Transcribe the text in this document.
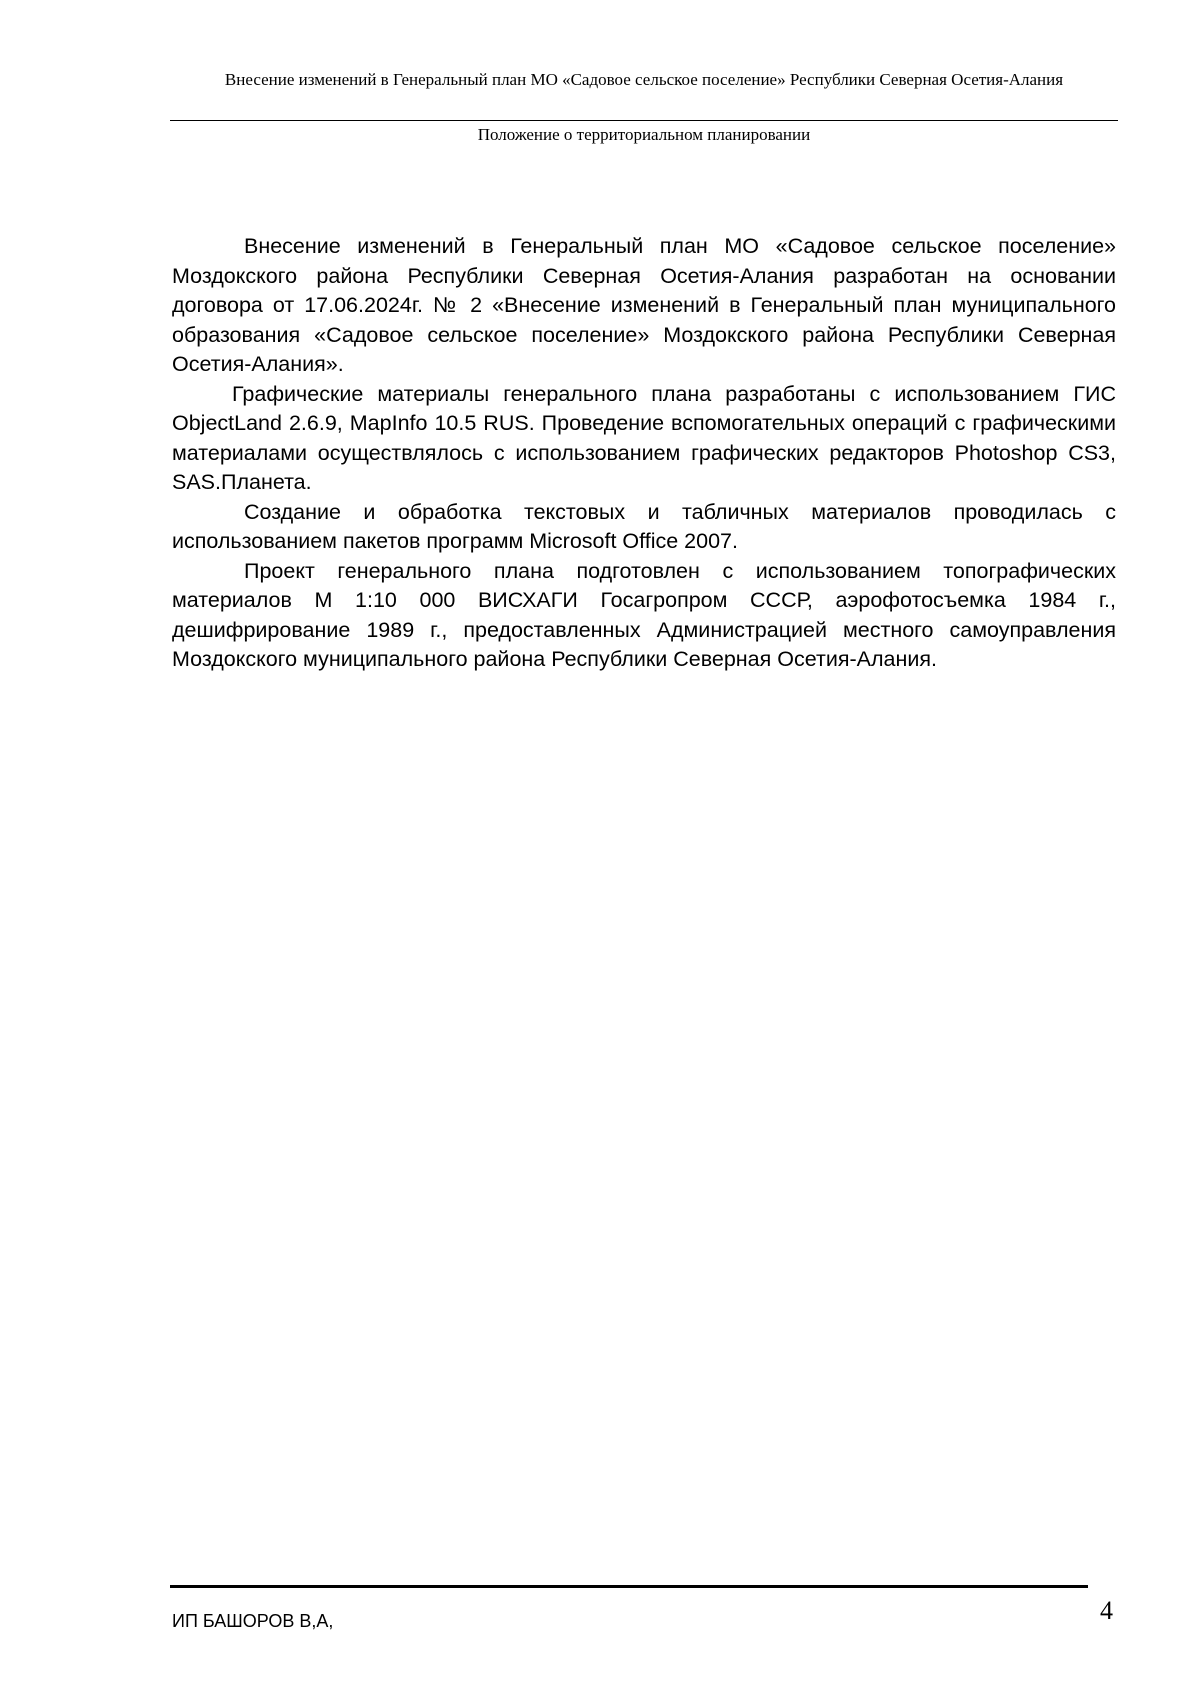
Внесение изменений в Генеральный план МО «Садовое сельское поселение» Республики Северная Осетия-Алания
Положение о территориальном планировании

Внесение изменений в Генеральный план МО «Садовое сельское поселение» Моздокского района Республики Северная Осетия-Алания разработан на основании договора от 17.06.2024г. № 2 «Внесение изменений в Генеральный план муниципального образования «Садовое сельское поселение» Моздокского района Республики Северная Осетия-Алания».

Графические материалы генерального плана разработаны с использованием ГИС ObjectLand 2.6.9, MapInfo 10.5 RUS. Проведение вспомогательных операций с графическими материалами осуществлялось с использованием графических редакторов Photoshop CS3, SAS.Планета.

Создание и обработка текстовых и табличных материалов проводилась с использованием пакетов программ Microsoft Office 2007.

Проект генерального плана подготовлен с использованием топографических материалов М 1:10 000 ВИСХАГИ Госагропром СССР, аэрофотосъемка 1984 г., дешифрирование 1989 г., предоставленных Администрацией местного самоуправления Моздокского муниципального района Республики Северная Осетия-Алания.

ИП БАШОРОВ В,А,	4
